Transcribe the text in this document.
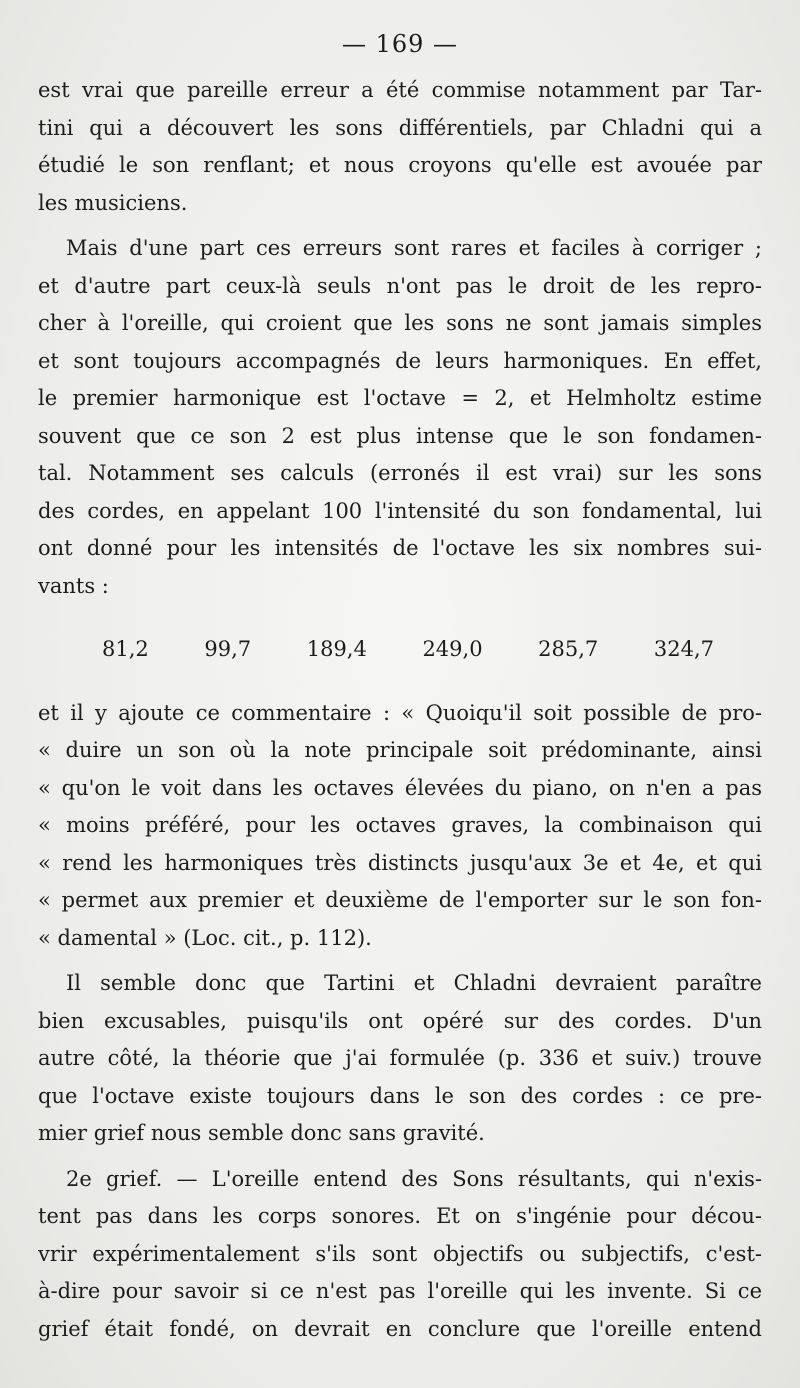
— 169 —
est vrai que pareille erreur a été commise notamment par Tar-
tini qui a découvert les sons différentiels, par Chladni qui a
étudié le son renflant; et nous croyons qu'elle est avouée par
les musiciens.
Mais d'une part ces erreurs sont rares et faciles à corriger ;
et d'autre part ceux-là seuls n'ont pas le droit de les repro-
cher à l'oreille, qui croient que les sons ne sont jamais simples
et sont toujours accompagnés de leurs harmoniques. En effet,
le premier harmonique est l'octave = 2, et Helmholtz estime
souvent que ce son 2 est plus intense que le son fondamen-
tal. Notamment ses calculs (erronés il est vrai) sur les sons
des cordes, en appelant 100 l'intensité du son fondamental, lui
ont donné pour les intensités de l'octave les six nombres sui-
vants :
81,2	99,7	189,4	249,0	285,7	324,7
et il y ajoute ce commentaire : « Quoiqu'il soit possible de pro-
« duire un son où la note principale soit prédominante, ainsi
« qu'on le voit dans les octaves élevées du piano, on n'en a pas
« moins préféré, pour les octaves graves, la combinaison qui
« rend les harmoniques très distincts jusqu'aux 3e et 4e, et qui
« permet aux premier et deuxième de l'emporter sur le son fon-
« damental » (Loc. cit., p. 112).
Il semble donc que Tartini et Chladni devraient paraître
bien excusables, puisqu'ils ont opéré sur des cordes. D'un
autre côté, la théorie que j'ai formulée (p. 336 et suiv.) trouve
que l'octave existe toujours dans le son des cordes : ce pre-
mier grief nous semble donc sans gravité.
2e grief. — L'oreille entend des Sons résultants, qui n'exis-
tent pas dans les corps sonores. Et on s'ingénie pour décou-
vrir expérimentalement s'ils sont objectifs ou subjectifs, c'est-
à-dire pour savoir si ce n'est pas l'oreille qui les invente. Si ce
grief était fondé, on devrait en conclure que l'oreille entend
